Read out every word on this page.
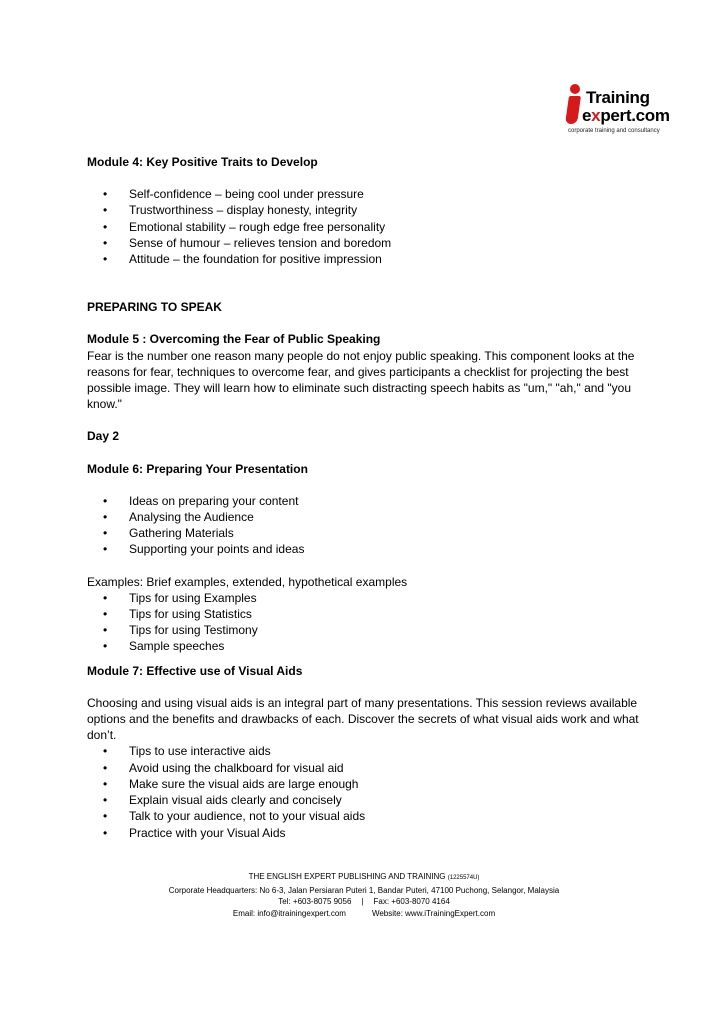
Training
expert.com
corporate training and consultancy

Module 4: Key Positive Traits to Develop

• Self-confidence – being cool under pressure
• Trustworthiness – display honesty, integrity
• Emotional stability – rough edge free personality
• Sense of humour – relieves tension and boredom
• Attitude – the foundation for positive impression

PREPARING TO SPEAK

Module 5 : Overcoming the Fear of Public Speaking

Fear is the number one reason many people do not enjoy public speaking. This component looks at the reasons for fear, techniques to overcome fear, and gives participants a checklist for projecting the best possible image. They will learn how to eliminate such distracting speech habits as "um," "ah," and "you know."

Day 2

Module 6: Preparing Your Presentation

• Ideas on preparing your content
• Analysing the Audience
• Gathering Materials
• Supporting your points and ideas

Examples: Brief examples, extended, hypothetical examples

• Tips for using Examples
• Tips for using Statistics
• Tips for using Testimony
• Sample speeches

Module 7: Effective use of Visual Aids

Choosing and using visual aids is an integral part of many presentations. This session reviews available options and the benefits and drawbacks of each. Discover the secrets of what visual aids work and what don’t.

• Tips to use interactive aids
• Avoid using the chalkboard for visual aid
• Make sure the visual aids are large enough
• Explain visual aids clearly and concisely
• Talk to your audience, not to your visual aids
• Practice with your Visual Aids
THE ENGLISH EXPERT PUBLISHING AND TRAINING (1225574U)
Corporate Headquarters: No 6-3, Jalan Persiaran Puteri 1, Bandar Puteri, 47100 Puchong, Selangor, Malaysia
Tel: +603-8075 9056 | Fax: +603-8070 4164
Email: info@itrainingexpert.com	Website: www.iTrainingExpert.com
